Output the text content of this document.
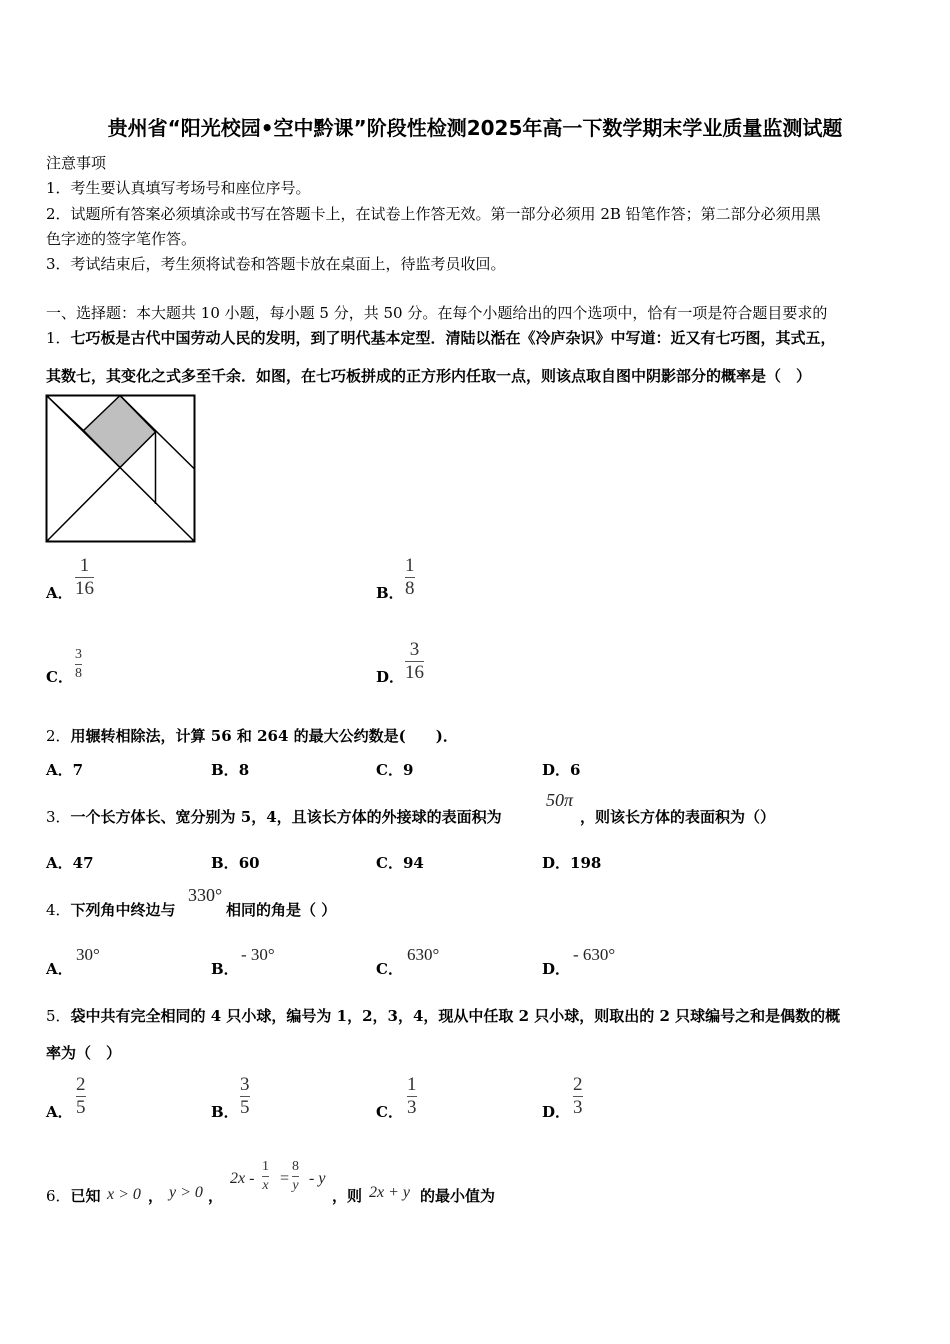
贵州省“阳光校园•空中黔课”阶段性检测2025年高一下数学期末学业质量监测试题
注意事项
1．考生要认真填写考场号和座位序号。
2．试题所有答案必须填涂或书写在答题卡上，在试卷上作答无效。第一部分必须用 2B 铅笔作答；第二部分必须用黑
色字迹的签字笔作答。
3．考试结束后，考生须将试卷和答题卡放在桌面上，待监考员收回。
一、选择题：本大题共 10 小题，每小题 5 分，共 50 分。在每个小题给出的四个选项中，恰有一项是符合题目要求的
1．七巧板是古代中国劳动人民的发明，到了明代基本定型．清陆以湉在《冷庐杂识》中写道：近又有七巧图，其式五，
其数七，其变化之式多至千余．如图，在七巧板拼成的正方形内任取一点，则该点取自图中阴影部分的概率是（　）
A．
1
16	B．
1
8
C．
3
8	D．
3
16
2．用辗转相除法，计算 56 和 264 的最大公约数是(　　)．
A．7	B．8	C．9	D．6
3．一个长方体长、宽分别为 5，4，且该长方体的外接球的表面积为
50π
，则该长方体的表面积为（）
A．47	B．60	C．94	D．198
4．下列角中终边与
330°
相同的角是（ ）
A．
30°
B．
- 30°
C．
630°
D．
- 630°
5．袋中共有完全相同的 4 只小球，编号为 1，2，3，4，现从中任取 2 只小球，则取出的 2 只球编号之和是偶数的概
率为（　）
A．
2
5	B．
3
5	C．
1
3	D．
2
3
6．已知 x > 0 ， y > 0 ，
2x -
1
x =
8
y - y
，则 2x + y 的最小值为
